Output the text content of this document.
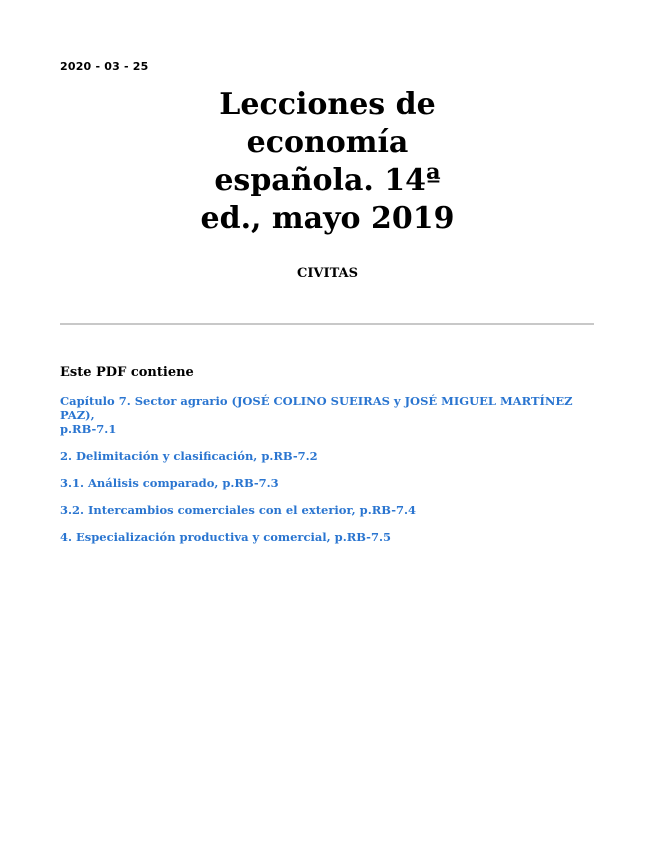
2020 - 03 - 25
Lecciones de
economía
española. 14ª
ed., mayo 2019
CIVITAS
Este PDF contiene
Capítulo 7. Sector agrario (JOSÉ COLINO SUEIRAS y JOSÉ MIGUEL MARTÍNEZ PAZ),
p.RB-7.1
2. Delimitación y clasificación, p.RB-7.2
3.1. Análisis comparado, p.RB-7.3
3.2. Intercambios comerciales con el exterior, p.RB-7.4
4. Especialización productiva y comercial, p.RB-7.5
